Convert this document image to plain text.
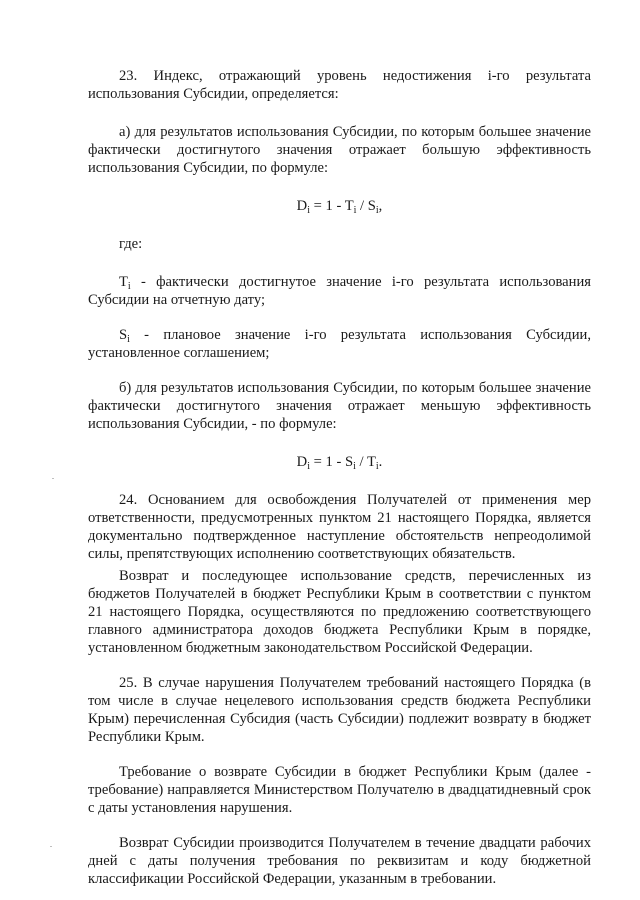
23. Индекс, отражающий уровень недостижения i-го результата использования Субсидии, определяется:

а) для результатов использования Субсидии, по которым большее значение фактически достигнутого значения отражает большую эффективность использования Субсидии, по формуле:

$D_i = 1 - T_i / S_i$,

где:

$T_i$ - фактически достигнутое значение i-го результата использования Субсидии на отчетную дату;

$S_i$ - плановое значение i-го результата использования Субсидии, установленное соглашением;

б) для результатов использования Субсидии, по которым большее значение фактически достигнутого значения отражает меньшую эффективность использования Субсидии, - по формуле:

$D_i = 1 - S_i / T_i$.

24. Основанием для освобождения Получателей от применения мер ответственности, предусмотренных пунктом 21 настоящего Порядка, является документально подтвержденное наступление обстоятельств непреодолимой силы, препятствующих исполнению соответствующих обязательств.

Возврат и последующее использование средств, перечисленных из бюджетов Получателей в бюджет Республики Крым в соответствии с пунктом 21 настоящего Порядка, осуществляются по предложению соответствующего главного администратора доходов бюджета Республики Крым в порядке, установленном бюджетным законодательством Российской Федерации.

25. В случае нарушения Получателем требований настоящего Порядка (в том числе в случае нецелевого использования средств бюджета Республики Крым) перечисленная Субсидия (часть Субсидии) подлежит возврату в бюджет Республики Крым.

Требование о возврате Субсидии в бюджет Республики Крым (далее - требование) направляется Министерством Получателю в двадцатидневный срок с даты установления нарушения.

Возврат Субсидии производится Получателем в течение двадцати рабочих дней с даты получения требования по реквизитам и коду бюджетной классификации Российской Федерации, указанным в требовании.
